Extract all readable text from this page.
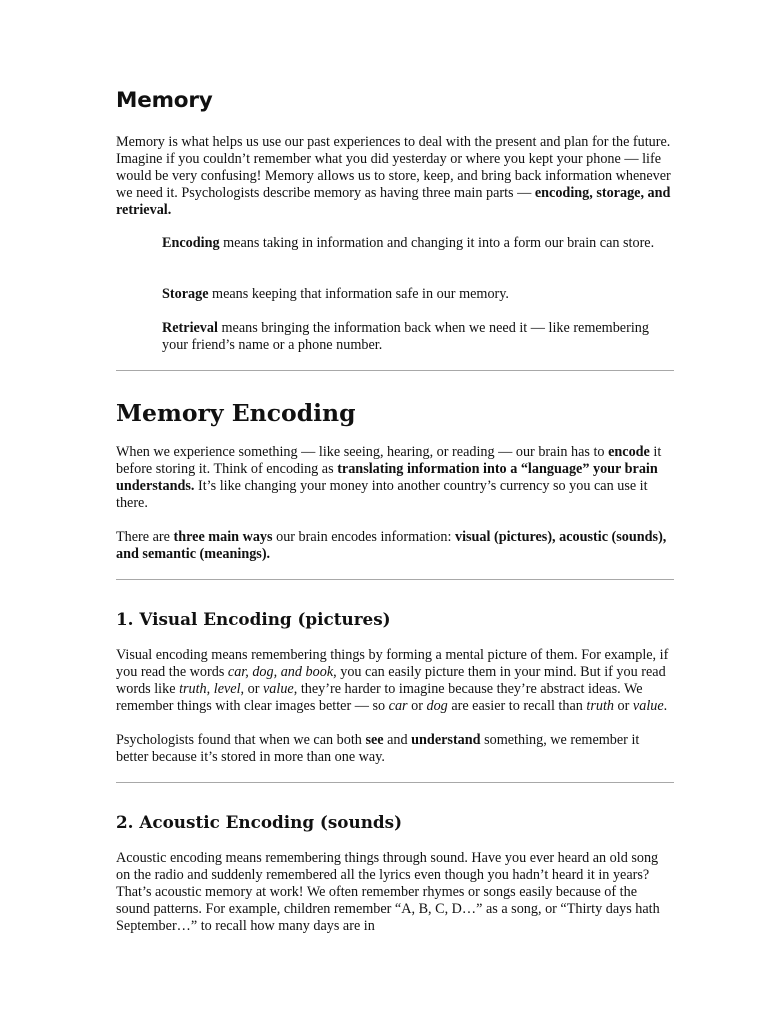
Memory

Memory is what helps us use our past experiences to deal with the present and plan for the future. Imagine if you couldn’t remember what you did yesterday or where you kept your phone — life would be very confusing! Memory allows us to store, keep, and bring back information whenever we need it. Psychologists describe memory as having three main parts — encoding, storage, and retrieval.

Encoding means taking in information and changing it into a form our brain can store.

Storage means keeping that information safe in our memory.

Retrieval means bringing the information back when we need it — like remembering your friend’s name or a phone number.

Memory Encoding

When we experience something — like seeing, hearing, or reading — our brain has to encode it before storing it. Think of encoding as translating information into a “language” your brain understands. It’s like changing your money into another country’s currency so you can use it there.

There are three main ways our brain encodes information: visual (pictures), acoustic (sounds), and semantic (meanings).

1. Visual Encoding (pictures)

Visual encoding means remembering things by forming a mental picture of them. For example, if you read the words car, dog, and book, you can easily picture them in your mind. But if you read words like truth, level, or value, they’re harder to imagine because they’re abstract ideas. We remember things with clear images better — so car or dog are easier to recall than truth or value.

Psychologists found that when we can both see and understand something, we remember it better because it’s stored in more than one way.

2. Acoustic Encoding (sounds)

Acoustic encoding means remembering things through sound. Have you ever heard an old song on the radio and suddenly remembered all the lyrics even though you hadn’t heard it in years? That’s acoustic memory at work! We often remember rhymes or songs easily because of the sound patterns. For example, children remember “A, B, C, D…” as a song, or “Thirty days hath September…” to recall how many days are in
